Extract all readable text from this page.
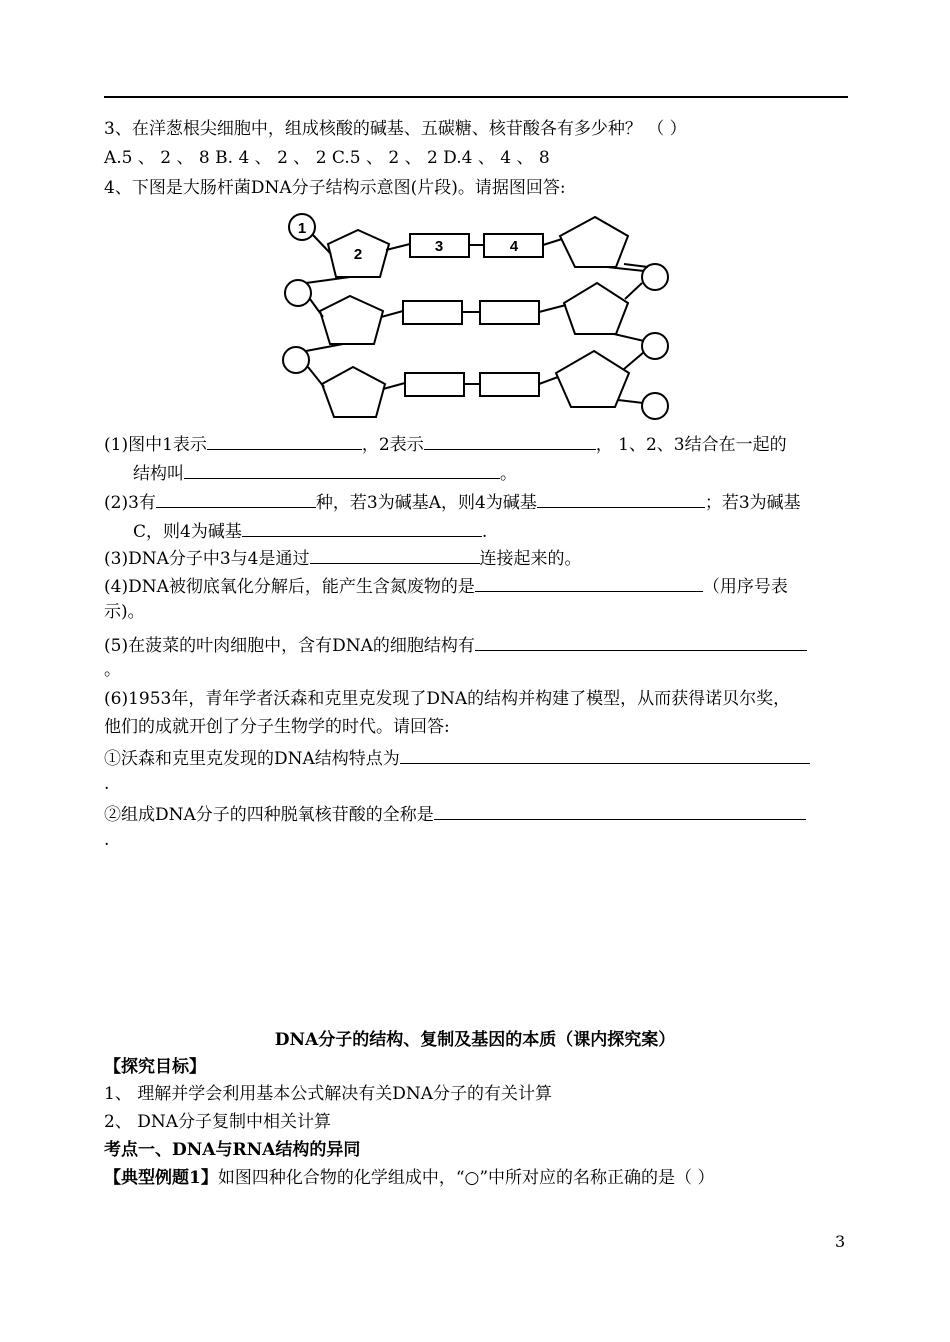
3、在洋葱根尖细胞中，组成核酸的碱基、五碳糖、核苷酸各有多少种？ （ ）
A.5 、 2 、 8 B. 4 、 2 、 2 C.5 、 2 、 2 D.4 、 4 、 8
4、下图是大肠杆菌DNA分子结构示意图(片段)。请据图回答:
1
2	3	4
(1)图中1表示	，2表示	， 1、2、3结合在一起的
结构叫	。
(2)3有	种，若3为碱基A，则4为碱基	；若3为碱基
C，则4为碱基	.
(3)DNA分子中3与4是通过	连接起来的。
(4)DNA被彻底氧化分解后，能产生含氮废物的是	（用序号表
示)。
(5)在菠菜的叶肉细胞中，含有DNA的细胞结构有
。
(6)1953年，青年学者沃森和克里克发现了DNA的结构并构建了模型，从而获得诺贝尔奖，
他们的成就开创了分子生物学的时代。请回答:
①沃森和克里克发现的DNA结构特点为
.
②组成DNA分子的四种脱氧核苷酸的全称是
.
DNA分子的结构、复制及基因的本质（课内探究案）
【探究目标】
1、 理解并学会利用基本公式解决有关DNA分子的有关计算
2、 DNA分子复制中相关计算
考点一、DNA与RNA结构的异同
【典型例题1】如图四种化合物的化学组成中，“○”中所对应的名称正确的是（ ）
3
